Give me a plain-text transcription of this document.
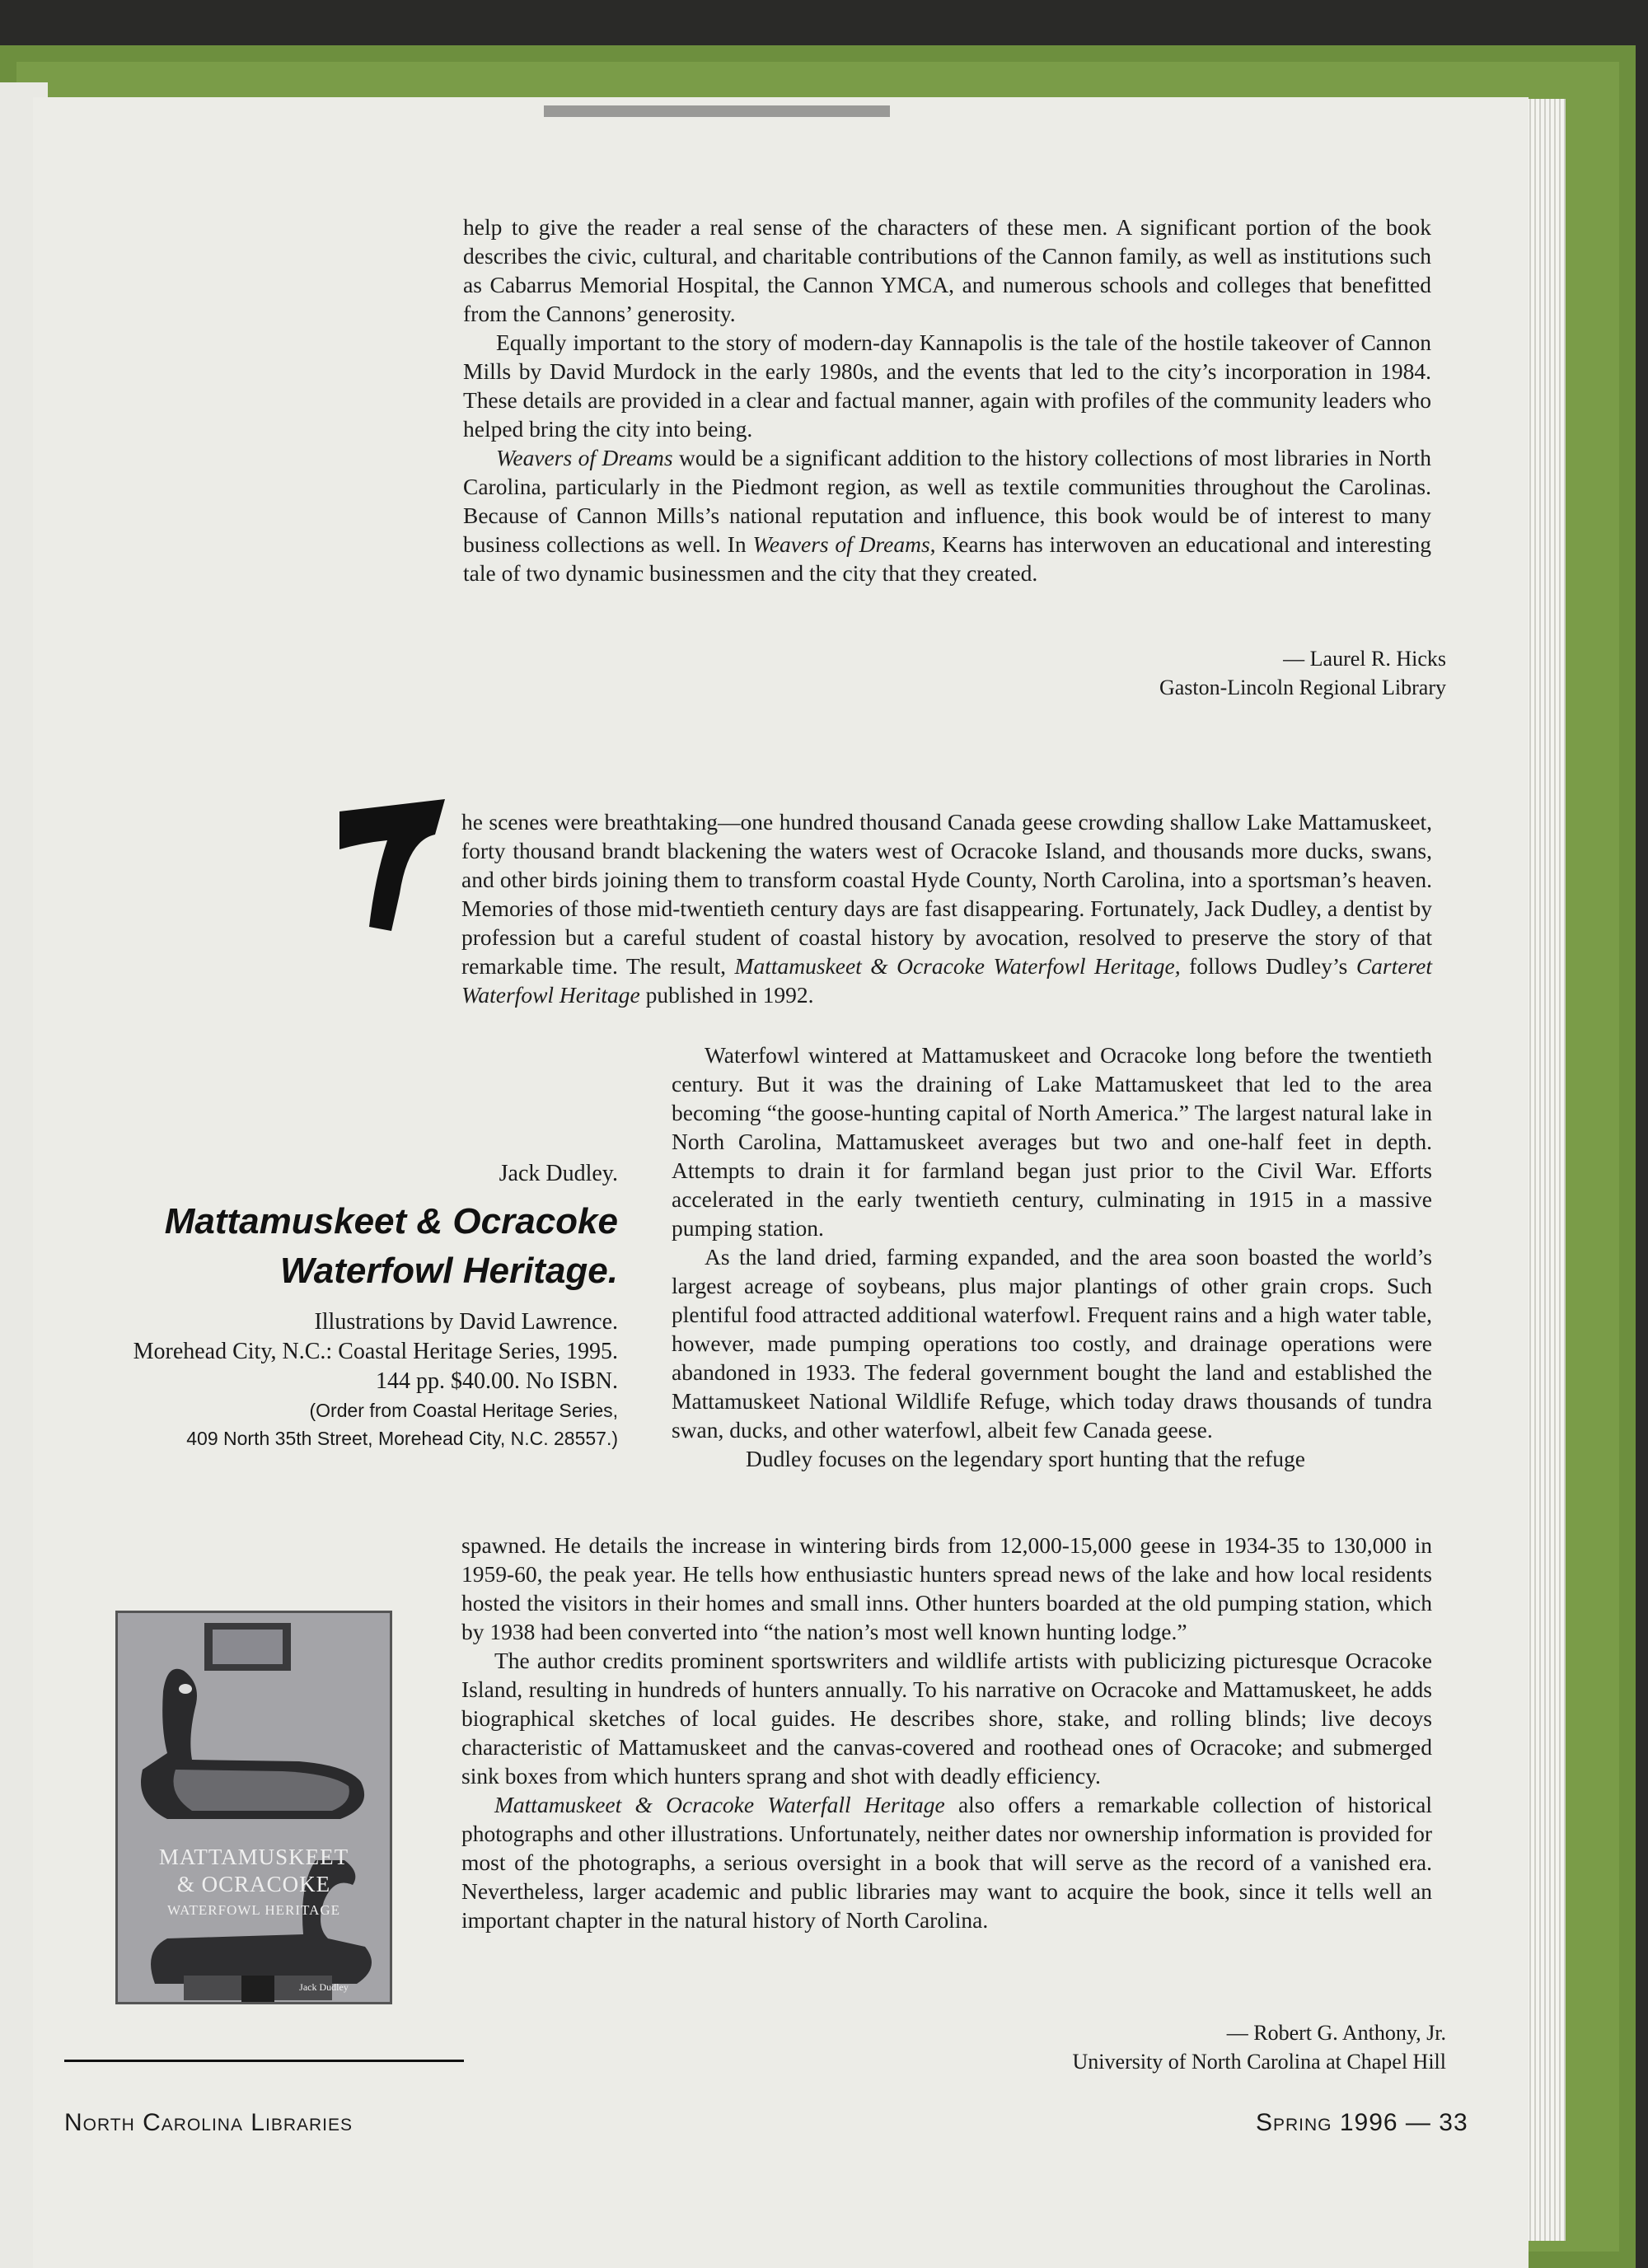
help to give the reader a real sense of the characters of these men. A significant portion of the book describes the civic, cultural, and charitable contributions of the Cannon family, as well as institutions such as Cabarrus Memorial Hospital, the Cannon YMCA, and numerous schools and colleges that benefitted from the Cannons’ generosity.

Equally important to the story of modern-day Kannapolis is the tale of the hostile takeover of Cannon Mills by David Murdock in the early 1980s, and the events that led to the city’s incorporation in 1984. These details are provided in a clear and factual manner, again with profiles of the community leaders who helped bring the city into being.

Weavers of Dreams would be a significant addition to the history collections of most libraries in North Carolina, particularly in the Piedmont region, as well as textile communities throughout the Carolinas. Because of Cannon Mills’s national reputation and influence, this book would be of interest to many business collections as well. In Weavers of Dreams, Kearns has interwoven an educational and interesting tale of two dynamic businessmen and the city that they created.

— Laurel R. Hicks
Gaston-Lincoln Regional Library

he scenes were breathtaking—one hundred thousand Canada geese crowding shallow Lake Mattamuskeet, forty thousand brandt blackening the waters west of Ocracoke Island, and thousands more ducks, swans, and other birds joining them to transform coastal Hyde County, North Carolina, into a sportsman’s heaven. Memories of those mid-twentieth century days are fast disappearing. Fortunately, Jack Dudley, a dentist by profession but a careful student of coastal history by avocation, resolved to preserve the story of that remarkable time. The result, Mattamuskeet & Ocracoke Waterfowl Heritage, follows Dudley’s Carteret Waterfowl Heritage published in 1992.

Waterfowl wintered at Mattamuskeet and Ocracoke long before the twentieth century. But it was the draining of Lake Mattamuskeet that led to the area becoming “the goose-hunting capital of North America.” The largest natural lake in North Carolina, Mattamuskeet averages but two and one-half feet in depth. Attempts to drain it for farmland began just prior to the Civil War. Efforts accelerated in the early twentieth century, culminating in 1915 in a massive pumping station.

As the land dried, farming expanded, and the area soon boasted the world’s largest acreage of soybeans, plus major plantings of other grain crops. Such plentiful food attracted additional waterfowl. Frequent rains and a high water table, however, made pumping operations too costly, and drainage operations were abandoned in 1933. The federal government bought the land and established the Mattamuskeet National Wildlife Refuge, which today draws thousands of tundra swan, ducks, and other waterfowl, albeit few Canada geese.

Dudley focuses on the legendary sport hunting that the refuge

spawned. He details the increase in wintering birds from 12,000-15,000 geese in 1934-35 to 130,000 in 1959-60, the peak year. He tells how enthusiastic hunters spread news of the lake and how local residents hosted the visitors in their homes and small inns. Other hunters boarded at the old pumping station, which by 1938 had been converted into “the nation’s most well known hunting lodge.”

The author credits prominent sportswriters and wildlife artists with publicizing picturesque Ocracoke Island, resulting in hundreds of hunters annually. To his narrative on Ocracoke and Mattamuskeet, he adds biographical sketches of local guides. He describes shore, stake, and rolling blinds; live decoys characteristic of Mattamuskeet and the canvas-covered and roothead ones of Ocracoke; and submerged sink boxes from which hunters sprang and shot with deadly efficiency.

Mattamuskeet & Ocracoke Waterfall Heritage also offers a remarkable collection of historical photographs and other illustrations. Unfortunately, neither dates nor ownership information is provided for most of the photographs, a serious oversight in a book that will serve as the record of a vanished era. Nevertheless, larger academic and public libraries may want to acquire the book, since it tells well an important chapter in the natural history of North Carolina.

— Robert G. Anthony, Jr.
University of North Carolina at Chapel Hill
Jack Dudley.
Mattamuskeet & Ocracoke
Waterfowl Heritage.
Illustrations by David Lawrence.
Morehead City, N.C.: Coastal Heritage Series, 1995.
144 pp. $40.00. No ISBN.
(Order from Coastal Heritage Series,
409 North 35th Street, Morehead City, N.C. 28557.)
MATTAMUSKEET
& OCRACOKE
WATERFOWL HERITAGE
Jack Dudley
North Carolina Libraries	Spring 1996 — 33
